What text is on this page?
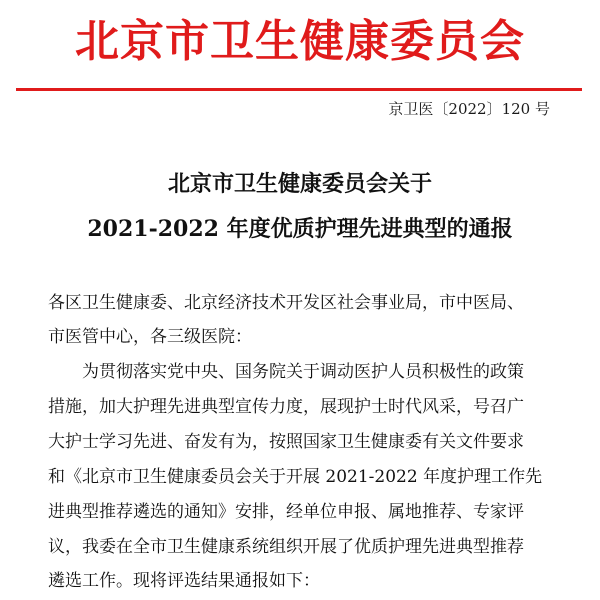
北京市卫生健康委员会
京卫医〔2022〕120 号
北京市卫生健康委员会关于
2021-2022 年度优质护理先进典型的通报
各区卫生健康委、北京经济技术开发区社会事业局，市中医局、
市医管中心，各三级医院：
为贯彻落实党中央、国务院关于调动医护人员积极性的政策
措施，加大护理先进典型宣传力度，展现护士时代风采，号召广
大护士学习先进、奋发有为，按照国家卫生健康委有关文件要求
和《北京市卫生健康委员会关于开展 2021-2022 年度护理工作先
进典型推荐遴选的通知》安排，经单位申报、属地推荐、专家评
议，我委在全市卫生健康系统组织开展了优质护理先进典型推荐
遴选工作。现将评选结果通报如下：
